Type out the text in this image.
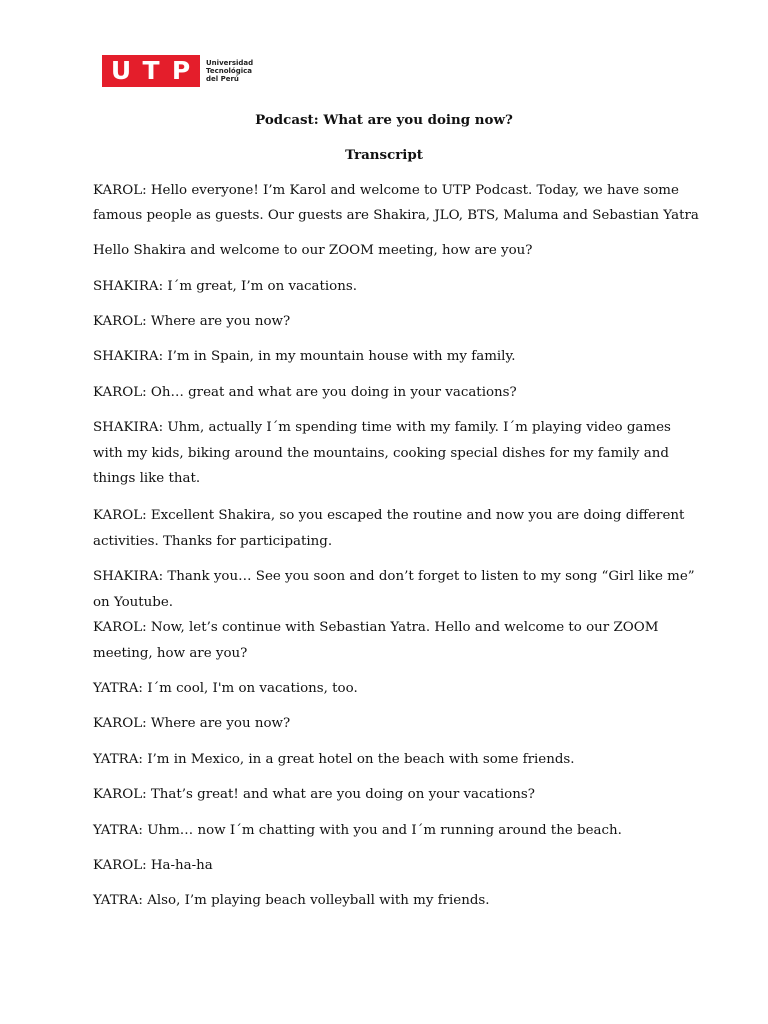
U T P	Universidad
Tecnológica
del Perú
Podcast: What are you doing now?
Transcript
KAROL: Hello everyone! I’m Karol and welcome to UTP Podcast. Today, we have some
famous people as guests. Our guests are Shakira, JLO, BTS, Maluma and Sebastian Yatra
Hello Shakira and welcome to our ZOOM meeting, how are you?
SHAKIRA: I´m great, I’m on vacations.
KAROL: Where are you now?
SHAKIRA: I’m in Spain, in my mountain house with my family.
KAROL: Oh… great and what are you doing in your vacations?
SHAKIRA: Uhm, actually I´m spending time with my family. I´m playing video games
with my kids, biking around the mountains, cooking special dishes for my family and
things like that.
KAROL: Excellent Shakira, so you escaped the routine and now you are doing different
activities. Thanks for participating.
SHAKIRA: Thank you… See you soon and don’t forget to listen to my song “Girl like me”
on Youtube.
KAROL: Now, let’s continue with Sebastian Yatra. Hello and welcome to our ZOOM
meeting, how are you?
YATRA: I´m cool, I'm on vacations, too.
KAROL: Where are you now?
YATRA: I’m in Mexico, in a great hotel on the beach with some friends.
KAROL: That’s great! and what are you doing on your vacations?
YATRA: Uhm… now I´m chatting with you and I´m running around the beach.
KAROL: Ha-ha-ha
YATRA: Also, I’m playing beach volleyball with my friends.
